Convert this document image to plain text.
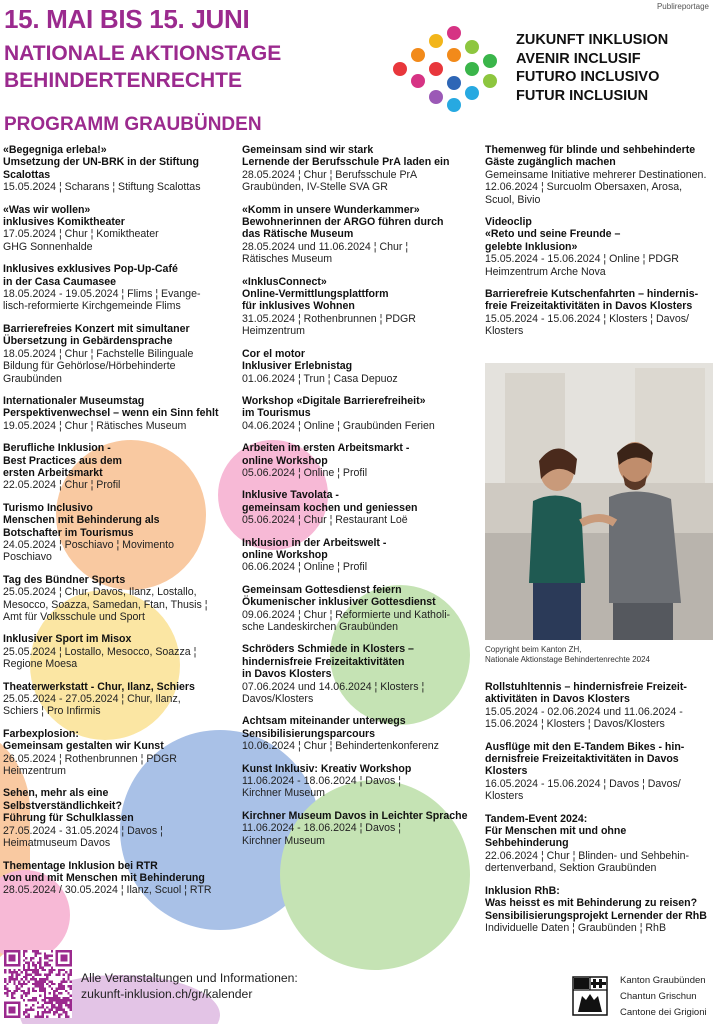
Publireportage
15. MAI BIS 15. JUNI
NATIONALE AKTIONSTAGE
BEHINDERTENRECHTE
PROGRAMM GRAUBÜNDEN
ZUKUNFT INKLUSION
AVENIR INCLUSIF
FUTURO INCLUSIVO
FUTUR INCLUSIUN
«Begegniga erleba!»
Umsetzung der UN-BRK in der Stiftung Scalottas
15.05.2024 ¦ Scharans ¦ Stiftung Scalottas
«Was wir wollen»
inklusives Komiktheater
17.05.2024 ¦ Chur ¦ Komiktheater
GHG Sonnenhalde
Inklusives exklusives Pop-Up-Café
in der Casa Caumasee
18.05.2024 - 19.05.2024 ¦ Flims ¦ Evange-
lisch-reformierte Kirchgemeinde Flims
Barrierefreies Konzert mit simultaner
Übersetzung in Gebärdensprache
18.05.2024 ¦ Chur ¦ Fachstelle Bilinguale
Bildung für Gehörlose/Hörbehinderte
Graubünden
Internationaler Museumstag
Perspektivenwechsel – wenn ein Sinn fehlt
19.05.2024 ¦ Chur ¦ Rätisches Museum
Berufliche Inklusion -
Best Practices aus dem
ersten Arbeitsmarkt
22.05.2024 ¦ Chur ¦ Profil
Turismo Inclusivo
Menschen mit Behinderung als
Botschafter im Tourismus
24.05.2024 ¦ Poschiavo ¦ Movimento
Poschiavo
Tag des Bündner Sports
25.05.2024 ¦ Chur, Davos, Ilanz, Lostallo,
Mesocco, Soazza, Samedan, Ftan, Thusis ¦
Amt für Volksschule und Sport
Inklusiver Sport im Misox
25.05.2024 ¦ Lostallo, Mesocco, Soazza ¦
Regione Moesa
Theaterwerkstatt - Chur, Ilanz, Schiers
25.05.2024 - 27.05.2024 ¦ Chur, Ilanz,
Schiers ¦ Pro Infirmis
Farbexplosion:
Gemeinsam gestalten wir Kunst
26.05.2024 ¦ Rothenbrunnen ¦ PDGR
Heimzentrum
Sehen, mehr als eine
Selbstverständlichkeit?
Führung für Schulklassen
27.05.2024 - 31.05.2024 ¦ Davos ¦
Heimatmuseum Davos
Thementage Inklusion bei RTR
von und mit Menschen mit Behinderung
28.05.2024 / 30.05.2024 ¦ Ilanz, Scuol ¦ RTR
Gemeinsam sind wir stark
Lernende der Berufsschule PrA laden ein
28.05.2024 ¦ Chur ¦ Berufsschule PrA
Graubünden, IV-Stelle SVA GR
«Komm in unsere Wunderkammer»
Bewohnerinnen der ARGO führen durch
das Rätische Museum
28.05.2024 und 11.06.2024 ¦ Chur ¦
Rätisches Museum
«InklusConnect»
Online-Vermittlungsplattform
für inklusives Wohnen
31.05.2024 ¦ Rothenbrunnen ¦ PDGR
Heimzentrum
Cor el motor
Inklusiver Erlebnistag
01.06.2024 ¦ Trun ¦ Casa Depuoz
Workshop «Digitale Barrierefreiheit»
im Tourismus
04.06.2024 ¦ Online ¦ Graubünden Ferien
Arbeiten im ersten Arbeitsmarkt -
online Workshop
05.06.2024 ¦ Online ¦ Profil
Inklusive Tavolata -
gemeinsam kochen und geniessen
05.06.2024 ¦ Chur ¦ Restaurant Loë
Inklusion in der Arbeitswelt -
online Workshop
06.06.2024 ¦ Online ¦ Profil
Gemeinsam Gottesdienst feiern
Ökumenischer inklusiver Gottesdienst
09.06.2024 ¦ Chur ¦ Reformierte und Katholi-
sche Landeskirchen Graubünden
Schröders Schmiede in Klosters –
hindernisfreie Freizeitaktivitäten
in Davos Klosters
07.06.2024 und 14.06.2024 ¦ Klosters ¦
Davos/Klosters
Achtsam miteinander unterwegs
Sensibilisierungsparcours
10.06.2024 ¦ Chur ¦ Behindertenkonferenz
Kunst Inklusiv: Kreativ Workshop
11.06.2024 - 18.06.2024 ¦ Davos ¦
Kirchner Museum
Kirchner Museum Davos in Leichter Sprache
11.06.2024 - 18.06.2024 ¦ Davos ¦
Kirchner Museum
Themenweg für blinde und sehbehinderte
Gäste zugänglich machen
Gemeinsame Initiative mehrerer Destinationen.
12.06.2024 ¦ Surcuolm Obersaxen, Arosa,
Scuol, Bivio
Videoclip
«Reto und seine Freunde –
gelebte Inklusion»
15.05.2024 - 15.06.2024 ¦ Online ¦ PDGR
Heimzentrum Arche Nova
Barrierefreie Kutschenfahrten – hindernis-
freie Freizeitaktivitäten in Davos Klosters
15.05.2024 - 15.06.2024 ¦ Klosters ¦ Davos/
Klosters
Copyright beim Kanton ZH,
Nationale Aktionstage Behindertenrechte 2024
Rollstuhltennis – hindernisfreie Freizeit-
aktivitäten in Davos Klosters
15.05.2024 - 02.06.2024 und 11.06.2024 -
15.06.2024 ¦ Klosters ¦ Davos/Klosters
Ausflüge mit den E-Tandem Bikes - hin-
dernisfreie Freizeitaktivitäten in Davos
Klosters
16.05.2024 - 15.06.2024 ¦ Davos ¦ Davos/
Klosters
Tandem-Event 2024:
Für Menschen mit und ohne
Sehbehinderung
22.06.2024 ¦ Chur ¦ Blinden- und Sehbehin-
dertenverband, Sektion Graubünden
Inklusion RhB:
Was heisst es mit Behinderung zu reisen?
Sensibilisierungsprojekt Lernender der RhB
Individuelle Daten ¦ Graubünden ¦ RhB
Alle Veranstaltungen und Informationen:
zukunft-inklusion.ch/gr/kalender
Kanton Graubünden
Chantun Grischun
Cantone dei Grigioni
